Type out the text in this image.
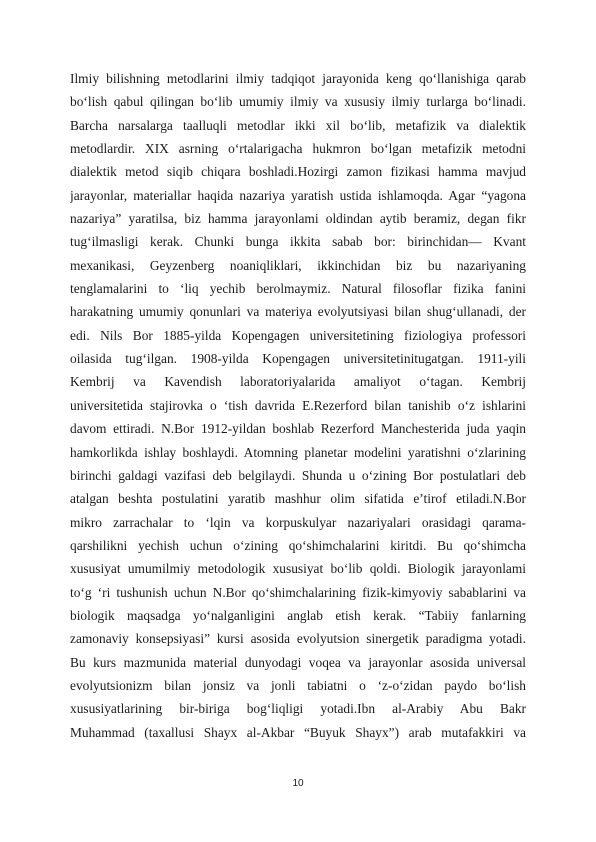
Ilmiy bilishning metodlarini ilmiy tadqiqot jarayonida keng qo‘llanishiga qarab
bo‘lish qabul qilingan bo‘lib umumiy ilmiy va xususiy ilmiy turlarga bo‘linadi.
Barcha narsalarga taalluqli metodlar ikki xil bo‘lib, metafizik va dialektik
metodlardir. XIX asrning o‘rtalarigacha hukmron bo‘lgan metafizik metodni
dialektik metod siqib chiqara boshladi.Hozirgi zamon fizikasi hamma mavjud
jarayonlar, materiallar haqida nazariya yaratish ustida ishlamoqda. Agar “yagona
nazariya” yaratilsa, biz hamma jarayonlami oldindan aytib beramiz, degan fikr
tug‘ilmasligi kerak. Chunki bunga ikkita sabab bor: birinchidan— Kvant
mexanikasi, Geyzenberg noaniqliklari, ikkinchidan biz bu nazariyaning
tenglamalarini to ‘liq yechib berolmaymiz. Natural filosoflar fizika fanini
harakatning umumiy qonunlari va materiya evolyutsiyasi bilan shug‘ullanadi, der
edi. Nils Bor 1885-yilda Kopengagen universitetining fiziologiya professori
oilasida tug‘ilgan. 1908-yilda Kopengagen universitetinitugatgan. 1911-yili
Kembrij va Kavendish laboratoriyalarida amaliyot o‘tagan. Kembrij
universitetida stajirovka o ‘tish davrida E.Rezerford bilan tanishib o‘z ishlarini
davom ettiradi. N.Bor 1912-yildan boshlab Rezerford Manchesterida juda yaqin
hamkorlikda ishlay boshlaydi. Atomning planetar modelini yaratishni o‘zlarining
birinchi galdagi vazifasi deb belgilaydi. Shunda u o‘zining Bor postulatlari deb
atalgan beshta postulatini yaratib mashhur olim sifatida e’tirof etiladi.N.Bor
mikro zarrachalar to ‘lqin va korpuskulyar nazariyalari orasidagi qarama-
qarshilikni yechish uchun o‘zining qo‘shimchalarini kiritdi. Bu qo‘shimcha
xususiyat umumilmiy metodologik xususiyat bo‘lib qoldi. Biologik jarayonlami
to‘g ‘ri tushunish uchun N.Bor qo‘shimchalarining fizik-kimyoviy sabablarini va
biologik maqsadga yo‘nalganligini anglab etish kerak. “Tabiiy fanlarning
zamonaviy konsepsiyasi” kursi asosida evolyutsion sinergetik paradigma yotadi.
Bu kurs mazmunida material dunyodagi voqea va jarayonlar asosida universal
evolyutsionizm bilan jonsiz va jonli tabiatni o ‘z-o‘zidan paydo bo‘lish
xususiyatlarining bir-biriga bog‘liqligi yotadi.Ibn al-Arabiy Abu Bakr
Muhammad (taxallusi Shayx al-Akbar “Buyuk Shayx”) arab mutafakkiri va
10
